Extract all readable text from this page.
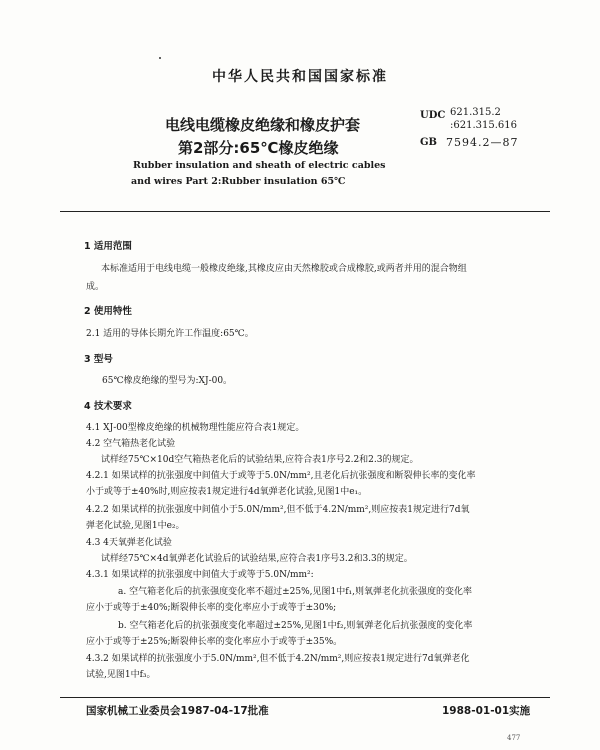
中华人民共和国国家标准
电线电缆橡皮绝缘和橡皮护套
第2部分:65℃橡皮绝缘
Rubber insulation and sheath of electric cables
and wires Part 2:Rubber insulation 65℃
UDC 621.315.2
:621.315.616
GB 7594.2—87
1 适用范围
本标准适用于电线电缆一般橡皮绝缘,其橡皮应由天然橡胶或合成橡胶,或两者并用的混合物组
成。
2 使用特性
2.1 适用的导体长期允许工作温度:65℃。
3 型号
65℃橡皮绝缘的型号为:XJ-00。
4 技术要求
4.1 XJ-00型橡皮绝缘的机械物理性能应符合表1规定。
4.2 空气箱热老化试验
试样经75℃×10d空气箱热老化后的试验结果,应符合表1序号2.2和2.3的规定。
4.2.1 如果试样的抗张强度中间值大于或等于5.0N/mm²,且老化后抗张强度和断裂伸长率的变化率
小于或等于±40%时,则应按表1规定进行4d氧弹老化试验,见图1中e₁。
4.2.2 如果试样的抗张强度中间值小于5.0N/mm²,但不低于4.2N/mm²,则应按表1规定进行7d氧
弹老化试验,见图1中e₂。
4.3 4天氧弹老化试验
试样经75℃×4d氧弹老化试验后的试验结果,应符合表1序号3.2和3.3的规定。
4.3.1 如果试样的抗张强度中间值大于或等于5.0N/mm²:
a. 空气箱老化后的抗张强度变化率不超过±25%,见图1中f₁,则氧弹老化抗张强度的变化率
应小于或等于±40%;断裂伸长率的变化率应小于或等于±30%;
b. 空气箱老化后的抗张强度变化率超过±25%,见图1中f₂,则氧弹老化后抗张强度的变化率
应小于或等于±25%;断裂伸长率的变化率应小于或等于±35%。
4.3.2 如果试样的抗张强度小于5.0N/mm²,但不低于4.2N/mm²,则应按表1规定进行7d氧弹老化
试验,见图1中f₃。
国家机械工业委员会1987-04-17批准	1988-01-01实施
477
